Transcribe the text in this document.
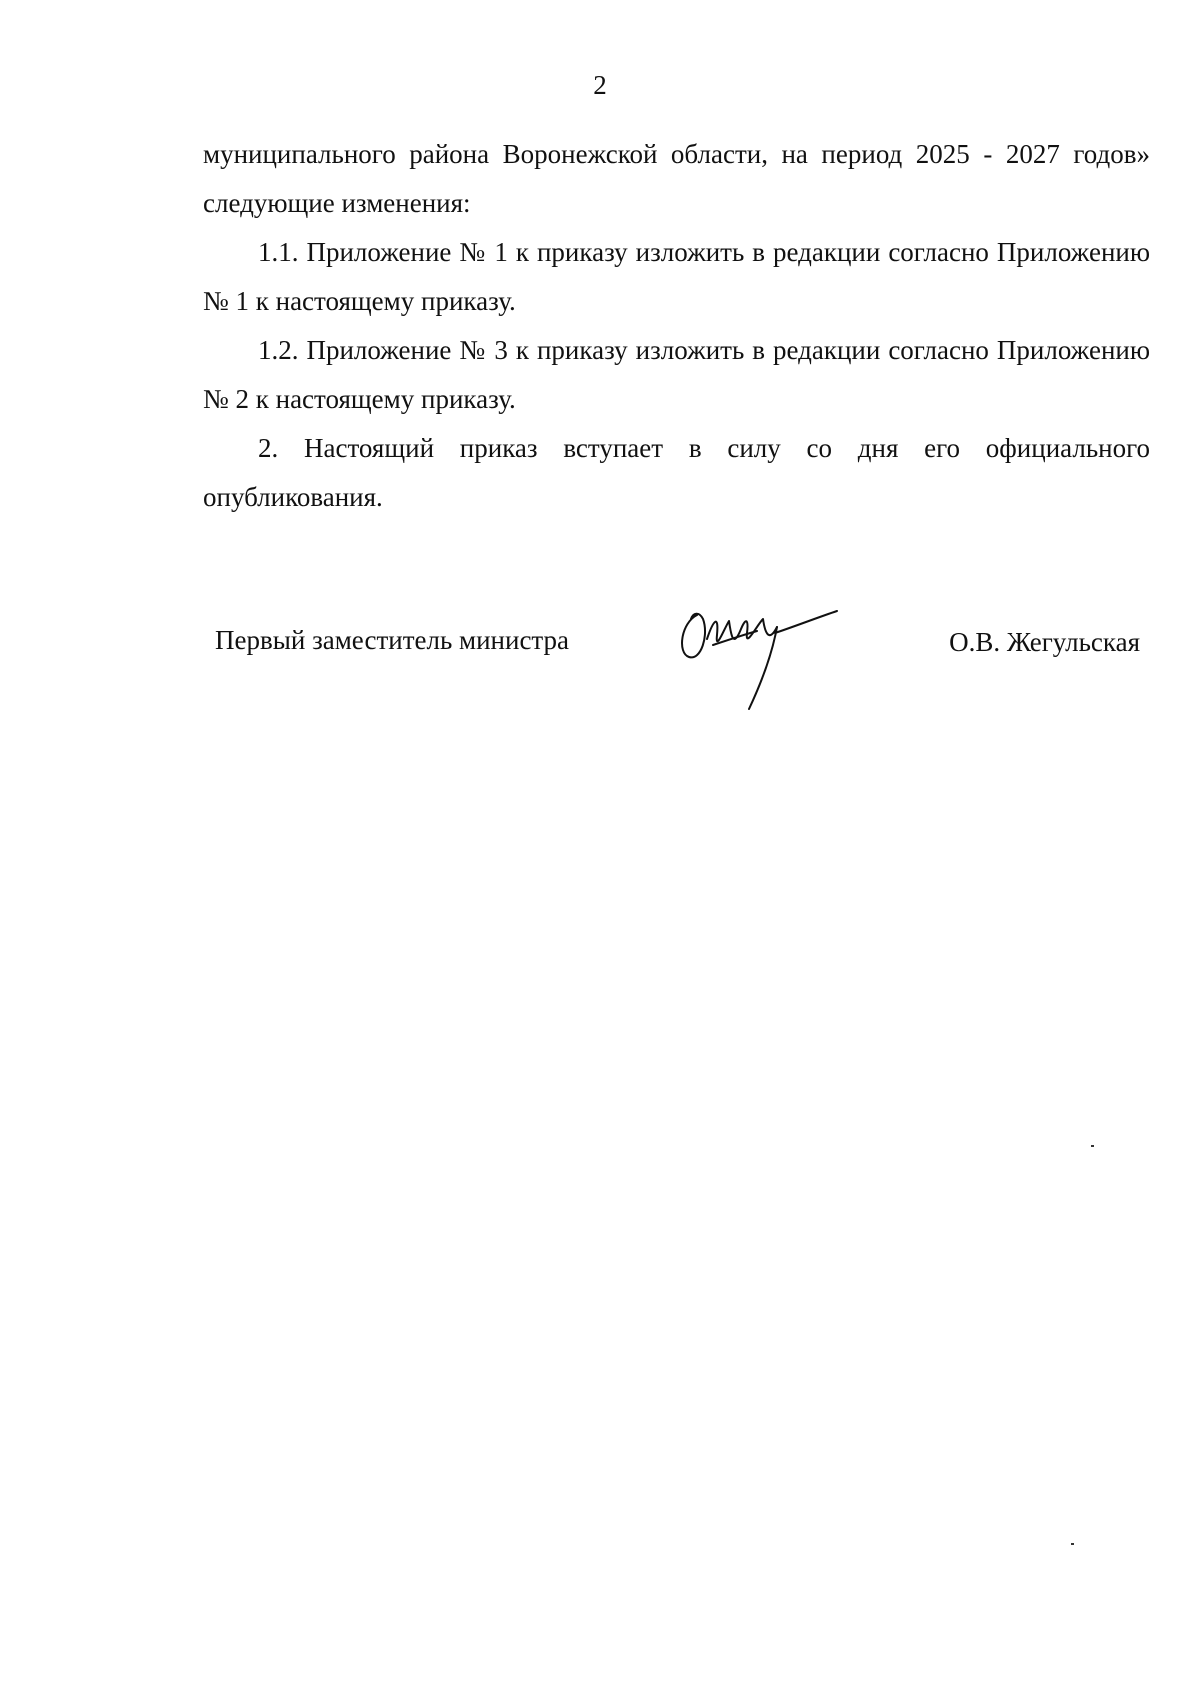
2

муниципального района Воронежской области, на период 2025 - 2027 годов» следующие изменения:

1.1. Приложение № 1 к приказу изложить в редакции согласно Приложению № 1 к настоящему приказу.

1.2. Приложение № 3 к приказу изложить в редакции согласно Приложению № 2 к настоящему приказу.

2. Настоящий приказ вступает в силу со дня его официального опубликования.

Первый заместитель министра	О.В. Жегульская
